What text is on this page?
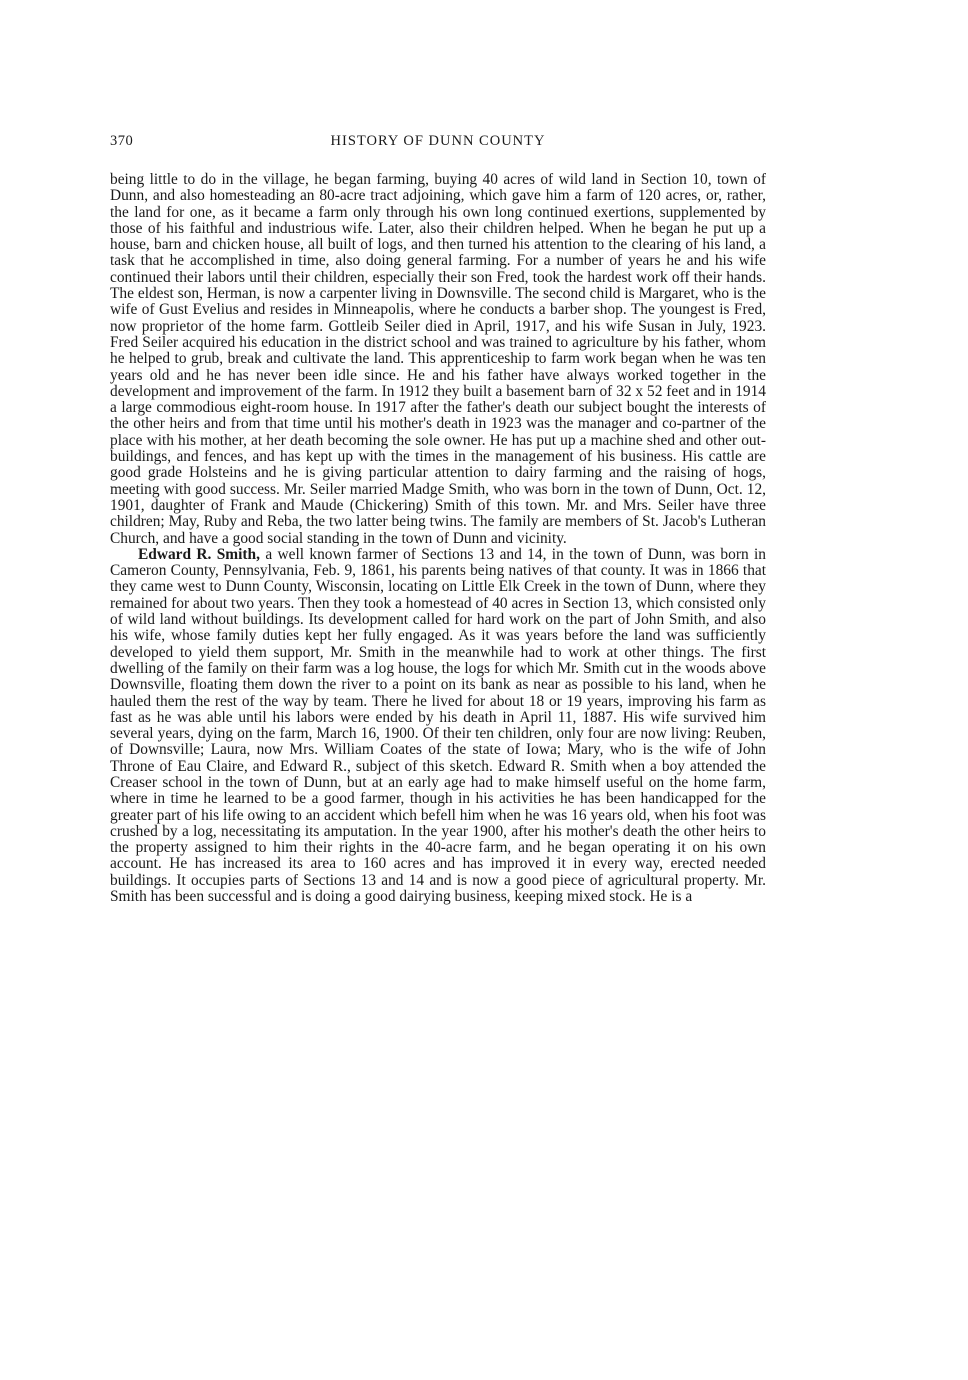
370	HISTORY OF DUNN COUNTY

being little to do in the village, he began farming, buying 40 acres of wild land in Section 10, town of Dunn, and also homesteading an 80-acre tract adjoining, which gave him a farm of 120 acres, or, rather, the land for one, as it became a farm only through his own long continued exertions, supplemented by those of his faithful and industrious wife. Later, also their children helped. When he began he put up a house, barn and chicken house, all built of logs, and then turned his attention to the clearing of his land, a task that he accomplished in time, also doing general farming. For a number of years he and his wife continued their labors until their children, especially their son Fred, took the hardest work off their hands. The eldest son, Herman, is now a carpenter living in Downsville. The second child is Margaret, who is the wife of Gust Evelius and resides in Minneapolis, where he conducts a barber shop. The youngest is Fred, now proprietor of the home farm. Gottleib Seiler died in April, 1917, and his wife Susan in July, 1923. Fred Seiler acquired his education in the district school and was trained to agriculture by his father, whom he helped to grub, break and cultivate the land. This apprenticeship to farm work began when he was ten years old and he has never been idle since. He and his father have always worked together in the development and improvement of the farm. In 1912 they built a basement barn of 32 x 52 feet and in 1914 a large commodious eight-room house. In 1917 after the father's death our subject bought the interests of the other heirs and from that time until his mother's death in 1923 was the manager and co-partner of the place with his mother, at her death becoming the sole owner. He has put up a machine shed and other out-buildings, and fences, and has kept up with the times in the management of his business. His cattle are good grade Holsteins and he is giving particular attention to dairy farming and the raising of hogs, meeting with good success. Mr. Seiler married Madge Smith, who was born in the town of Dunn, Oct. 12, 1901, daughter of Frank and Maude (Chickering) Smith of this town. Mr. and Mrs. Seiler have three children; May, Ruby and Reba, the two latter being twins. The family are members of St. Jacob's Lutheran Church, and have a good social standing in the town of Dunn and vicinity.

Edward R. Smith, a well known farmer of Sections 13 and 14, in the town of Dunn, was born in Cameron County, Pennsylvania, Feb. 9, 1861, his parents being natives of that county. It was in 1866 that they came west to Dunn County, Wisconsin, locating on Little Elk Creek in the town of Dunn, where they remained for about two years. Then they took a homestead of 40 acres in Section 13, which consisted only of wild land without buildings. Its development called for hard work on the part of John Smith, and also his wife, whose family duties kept her fully engaged. As it was years before the land was sufficiently developed to yield them support, Mr. Smith in the meanwhile had to work at other things. The first dwelling of the family on their farm was a log house, the logs for which Mr. Smith cut in the woods above Downsville, floating them down the river to a point on its bank as near as possible to his land, when he hauled them the rest of the way by team. There he lived for about 18 or 19 years, improving his farm as fast as he was able until his labors were ended by his death in April 11, 1887. His wife survived him several years, dying on the farm, March 16, 1900. Of their ten children, only four are now living: Reuben, of Downsville; Laura, now Mrs. William Coates of the state of Iowa; Mary, who is the wife of John Throne of Eau Claire, and Edward R., subject of this sketch. Edward R. Smith when a boy attended the Creaser school in the town of Dunn, but at an early age had to make himself useful on the home farm, where in time he learned to be a good farmer, though in his activities he has been handicapped for the greater part of his life owing to an accident which befell him when he was 16 years old, when his foot was crushed by a log, necessitating its amputation. In the year 1900, after his mother's death the other heirs to the property assigned to him their rights in the 40-acre farm, and he began operating it on his own account. He has increased its area to 160 acres and has improved it in every way, erected needed buildings. It occupies parts of Sections 13 and 14 and is now a good piece of agricultural property. Mr. Smith has been successful and is doing a good dairying business, keeping mixed stock. He is a
